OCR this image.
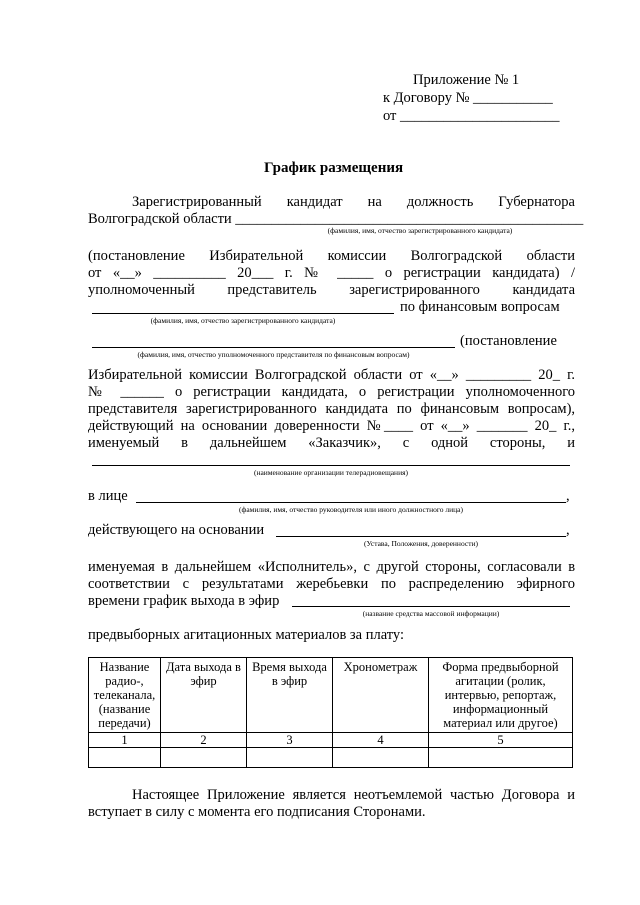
Приложение № 1
к Договору № ___________
от ______________________
График размещения
Зарегистрированный кандидат на должность Губернатора
Волгоградской области ________________________________________________
(фамилия, имя, отчество зарегистрированного кандидата)
(постановление Избирательной комиссии Волгоградской области
от «__» __________ 20___ г. № _____ о регистрации кандидата) /
уполномоченный представитель зарегистрированного кандидата
по финансовым вопросам
(фамилия, имя, отчество зарегистрированного кандидата)
(постановление
(фамилия, имя, отчество уполномоченного представителя по финансовым вопросам)
Избирательной комиссии Волгоградской области от «__» _________ 20_ г.
№ ______ о регистрации кандидата, о регистрации уполномоченного
представителя зарегистрированного кандидата по финансовым вопросам),
действующий на основании доверенности №____ от «__» _______ 20_ г.,
именуемый в дальнейшем «Заказчик», с одной стороны, и
(наименование организации телерадиовещания)
в лице	,
(фамилия, имя, отчество руководителя или иного должностного лица)
действующего на основании	,
(Устава, Положения, доверенности)
именуемая в дальнейшем «Исполнитель», с другой стороны, согласовали в
соответствии с результатами жеребьевки по распределению эфирного
времени график выхода в эфир
(название средства массовой информации)
предвыборных агитационных материалов за плату:
Название радио-, телеканала, (название передачи)	Дата выхода в эфир	Время выхода в эфир	Хронометраж	Форма предвыборной агитации (ролик, интервью, репортаж, информационный материал или другое)
1	2	3	4	5

Настоящее Приложение является неотъемлемой частью Договора и
вступает в силу с момента его подписания Сторонами.
